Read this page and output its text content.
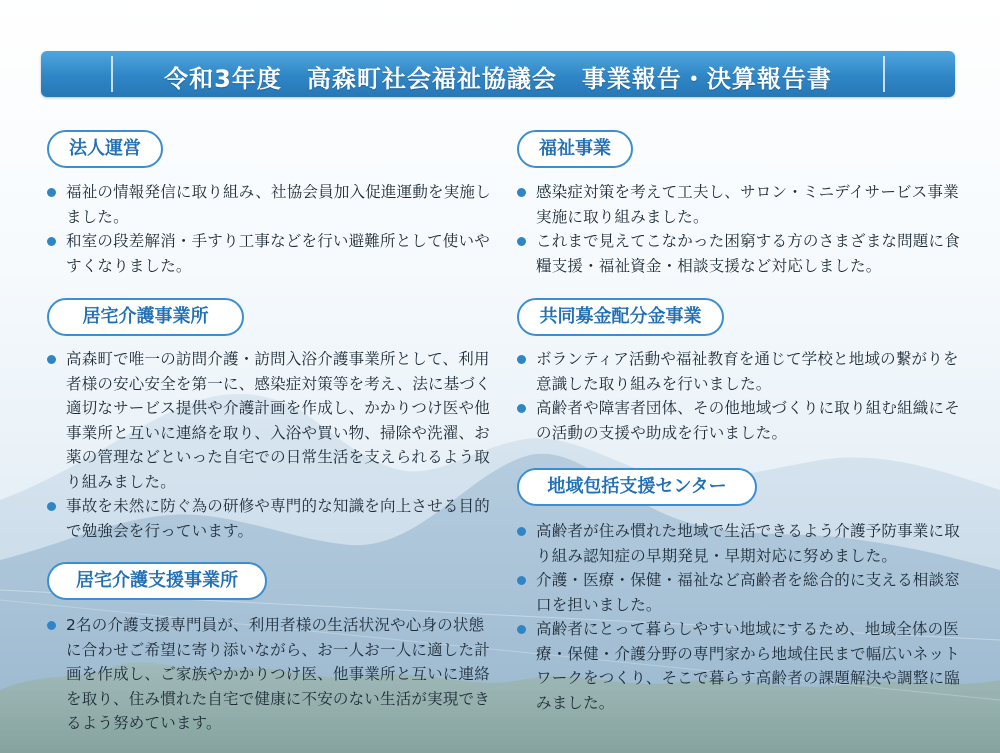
令和3年度　高森町社会福祉協議会　事業報告・決算報告書
法人運営
福祉の情報発信に取り組み、社協会員加入促進運動を実施しました。
和室の段差解消・手すり工事などを行い避難所として使いやすくなりました。
居宅介護事業所
高森町で唯一の訪問介護・訪問入浴介護事業所として、利用者様の安心安全を第一に、感染症対策等を考え、法に基づく適切なサービス提供や介護計画を作成し、かかりつけ医や他事業所と互いに連絡を取り、入浴や買い物、掃除や洗濯、お薬の管理などといった自宅での日常生活を支えられるよう取り組みました。
事故を未然に防ぐ為の研修や専門的な知識を向上させる目的で勉強会を行っています。
居宅介護支援事業所
2名の介護支援専門員が、利用者様の生活状況や心身の状態に合わせご希望に寄り添いながら、お一人お一人に適した計画を作成し、ご家族やかかりつけ医、他事業所と互いに連絡を取り、住み慣れた自宅で健康に不安のない生活が実現できるよう努めています。
福祉事業
感染症対策を考えて工夫し、サロン・ミニデイサービス事業実施に取り組みました。
これまで見えてこなかった困窮する方のさまざまな問題に食糧支援・福祉資金・相談支援など対応しました。
共同募金配分金事業
ボランティア活動や福祉教育を通じて学校と地域の繋がりを意識した取り組みを行いました。
高齢者や障害者団体、その他地域づくりに取り組む組織にその活動の支援や助成を行いました。
地域包括支援センター
高齢者が住み慣れた地域で生活できるよう介護予防事業に取り組み認知症の早期発見・早期対応に努めました。
介護・医療・保健・福祉など高齢者を総合的に支える相談窓口を担いました。
高齢者にとって暮らしやすい地域にするため、地域全体の医療・保健・介護分野の専門家から地域住民まで幅広いネットワークをつくり、そこで暮らす高齢者の課題解決や調整に臨みました。
